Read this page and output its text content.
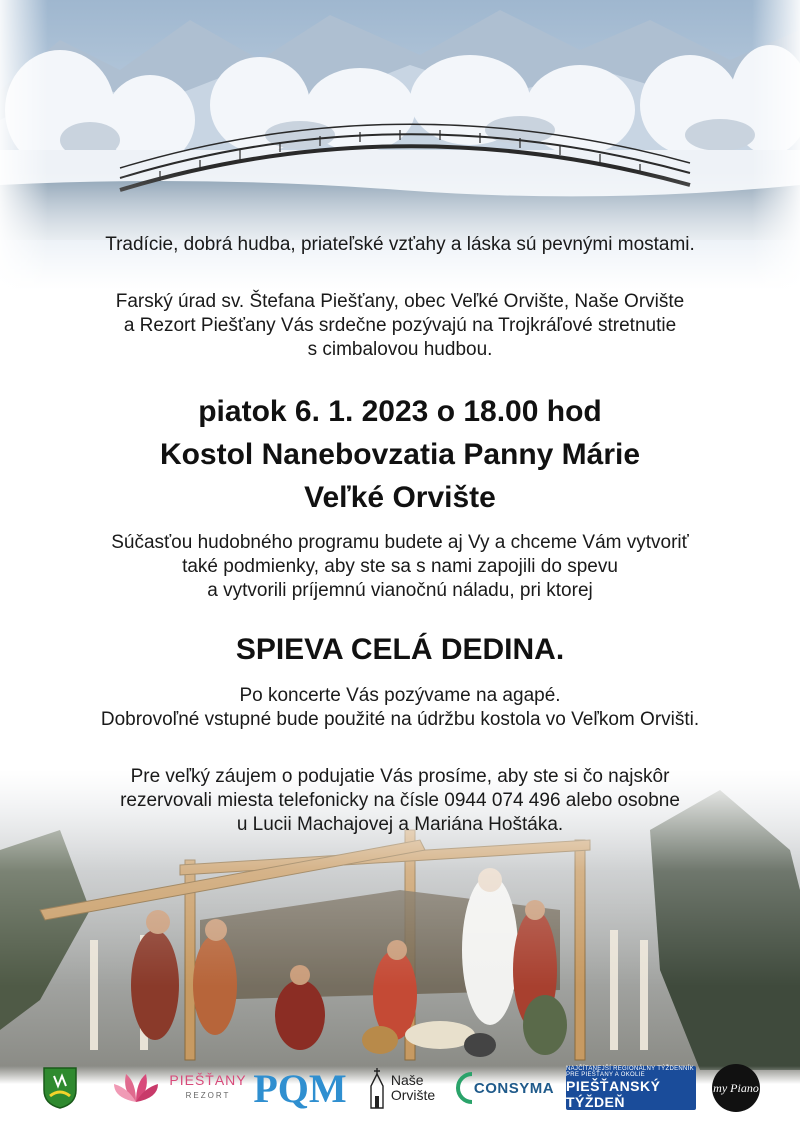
Tradície, dobrá hudba, priateľské vzťahy a láska sú pevnými mostami.
Farský úrad sv. Štefana Piešťany, obec Veľké Orvište, Naše Orvište
a Rezort Piešťany Vás srdečne pozývajú na Trojkráľové stretnutie
s cimbalovou hudbou.
piatok 6. 1. 2023 o 18.00 hod
Kostol Nanebovzatia Panny Márie
Veľké Orvište
Súčasťou hudobného programu budete aj Vy a chceme Vám vytvoriť
také podmienky, aby ste sa s nami zapojili do spevu
a vytvorili príjemnú vianočnú náladu, pri ktorej
SPIEVA CELÁ DEDINA.
Po koncerte Vás pozývame na agapé.
Dobrovoľné vstupné bude použité na údržbu kostola vo Veľkom Orvišti.
Pre veľký záujem o podujatie Vás prosíme, aby ste si čo najskôr
rezervovali miesta telefonicky na čísle 0944 074 496 alebo osobne
u Lucii Machajovej a Mariána Hoštáka.
PIEŠŤANY
REZORT PQM	Naše
Orvište	CONSYMA
NAJČÍTANEJŠÍ REGIONÁLNY TÝŽDENNÍK PRE PIEŠŤANY A OKOLIE
PIEŠŤANSKÝ TÝŽDEŇ
my Piano
